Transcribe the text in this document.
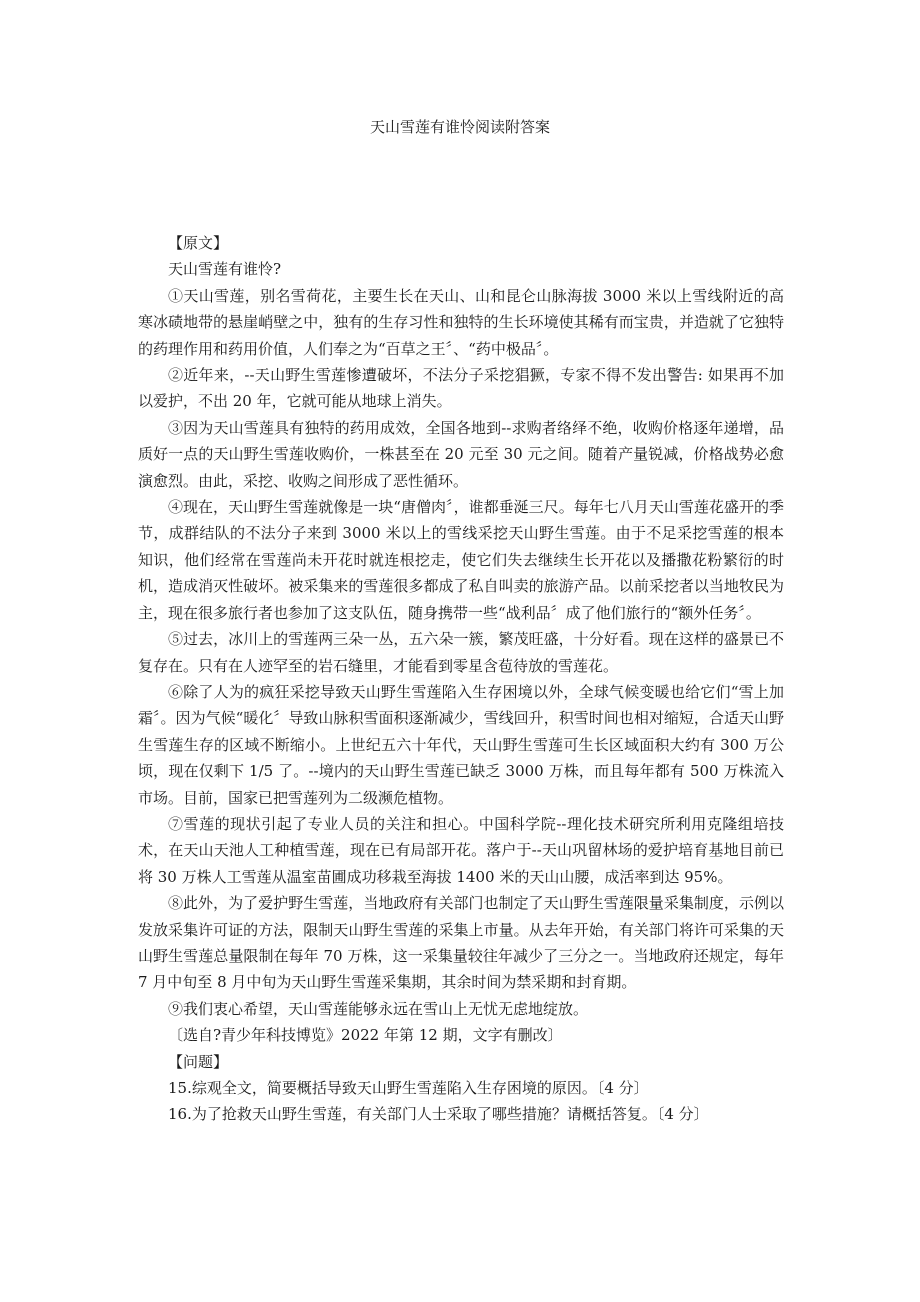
天山雪莲有谁怜阅读附答案

【原文】

天山雪莲有谁怜?

①天山雪莲，别名雪荷花，主要生长在天山、山和昆仑山脉海拔 3000 米以上雪线附近的高寒冰碛地带的悬崖峭壁之中，独有的生存习性和独特的生长环境使其稀有而宝贵，并造就了它独特的药理作用和药用价值，人们奉之为“百草之王〞、“药中极品〞。

②近年来，--天山野生雪莲惨遭破坏，不法分子采挖猖獗，专家不得不发出警告: 如果再不加以爱护，不出 20 年，它就可能从地球上消失。

③因为天山雪莲具有独特的药用成效，全国各地到--求购者络绎不绝，收购价格逐年递增，品质好一点的天山野生雪莲收购价，一株甚至在 20 元至 30 元之间。随着产量锐减，价格战势必愈演愈烈。由此，采挖、收购之间形成了恶性循环。

④现在，天山野生雪莲就像是一块“唐僧肉〞，谁都垂涎三尺。每年七八月天山雪莲花盛开的季节，成群结队的不法分子来到 3000 米以上的雪线采挖天山野生雪莲。由于不足采挖雪莲的根本知识，他们经常在雪莲尚未开花时就连根挖走，使它们失去继续生长开花以及播撒花粉繁衍的时机，造成消灭性破坏。被采集来的雪莲很多都成了私自叫卖的旅游产品。以前采挖者以当地牧民为主，现在很多旅行者也参加了这支队伍，随身携带一些“战利品〞成了他们旅行的“额外任务〞。

⑤过去，冰川上的雪莲两三朵一丛，五六朵一簇，繁茂旺盛，十分好看。现在这样的盛景已不复存在。只有在人迹罕至的岩石缝里，才能看到零星含苞待放的雪莲花。

⑥除了人为的疯狂采挖导致天山野生雪莲陷入生存困境以外，全球气候变暖也给它们“雪上加霜〞。因为气候“暖化〞导致山脉积雪面积逐渐减少，雪线回升，积雪时间也相对缩短，合适天山野生雪莲生存的区域不断缩小。上世纪五六十年代，天山野生雪莲可生长区域面积大约有 300 万公顷，现在仅剩下 1/5 了。--境内的天山野生雪莲已缺乏 3000 万株，而且每年都有 500 万株流入市场。目前，国家已把雪莲列为二级濒危植物。

⑦雪莲的现状引起了专业人员的关注和担心。中国科学院--理化技术研究所利用克隆组培技术，在天山天池人工种植雪莲，现在已有局部开花。落户于--天山巩留林场的爱护培育基地目前已将 30 万株人工雪莲从温室苗圃成功移栽至海拔 1400 米的天山山腰，成活率到达 95%。

⑧此外，为了爱护野生雪莲，当地政府有关部门也制定了天山野生雪莲限量采集制度，示例以发放采集许可证的方法，限制天山野生雪莲的采集上市量。从去年开始，有关部门将许可采集的天山野生雪莲总量限制在每年 70 万株，这一采集量较往年减少了三分之一。当地政府还规定，每年 7 月中旬至 8 月中旬为天山野生雪莲采集期，其余时间为禁采期和封育期。

⑨我们衷心希望，天山雪莲能够永远在雪山上无忧无虑地绽放。

〔选自?青少年科技博览》2022 年第 12 期，文字有删改〕

【问题】

15.综观全文，简要概括导致天山野生雪莲陷入生存困境的原因。〔4 分〕

16.为了抢救天山野生雪莲，有关部门人士采取了哪些措施？请概括答复。〔4 分〕
